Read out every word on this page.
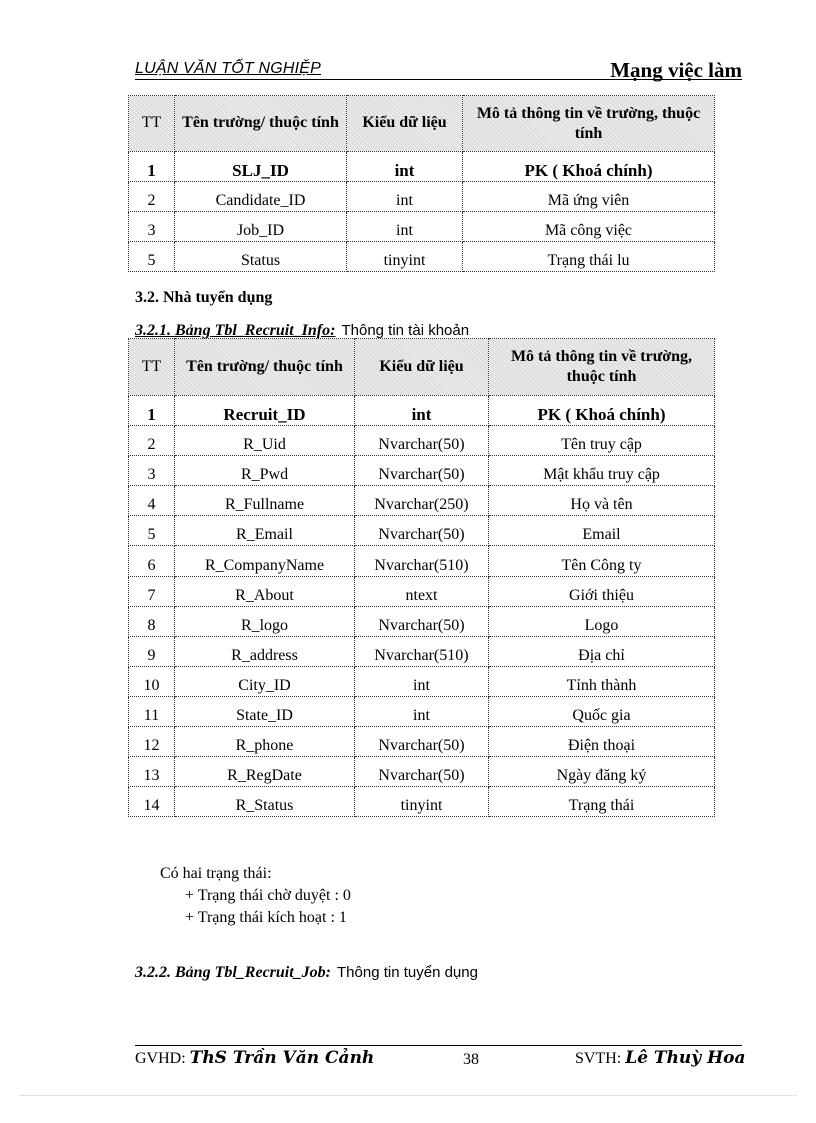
LUẬN VĂN TỐT NGHIỆP	Mạng việc làm
TT	Tên trường/ thuộc tính	Kiểu dữ liệu	Mô tả thông tin về trường, thuộc tính
1	SLJ_ID	int	PK ( Khoá chính)
2	Candidate_ID	int	Mã ứng viên
3	Job_ID	int	Mã công việc
5	Status	tinyint	Trạng thái lu
3.2. Nhà tuyển dụng
3.2.1. Bảng Tbl_Recruit_Info: Thông tin tài khoản
TT	Tên trường/ thuộc tính	Kiểu dữ liệu	Mô tả thông tin về trường, thuộc tính
1	Recruit_ID	int	PK ( Khoá chính)
2	R_Uid	Nvarchar(50)	Tên truy cập
3	R_Pwd	Nvarchar(50)	Mật khẩu truy cập
4	R_Fullname	Nvarchar(250)	Họ và tên
5	R_Email	Nvarchar(50)	Email
6	R_CompanyName	Nvarchar(510)	Tên Công ty
7	R_About	ntext	Giới thiệu
8	R_logo	Nvarchar(50)	Logo
9	R_address	Nvarchar(510)	Địa chỉ
10	City_ID	int	Tỉnh thành
11	State_ID	int	Quốc gia
12	R_phone	Nvarchar(50)	Điện thoại
13	R_RegDate	Nvarchar(50)	Ngày đăng ký
14	R_Status	tinyint	Trạng thái
Có hai trạng thái:
+ Trạng thái chờ duyệt : 0
+ Trạng thái kích hoạt : 1
3.2.2. Bảng Tbl_Recruit_Job: Thông tin tuyển dụng
GVHD: ThS Trần Văn Cảnh	38	SVTH: Lê Thuỳ Hoa
